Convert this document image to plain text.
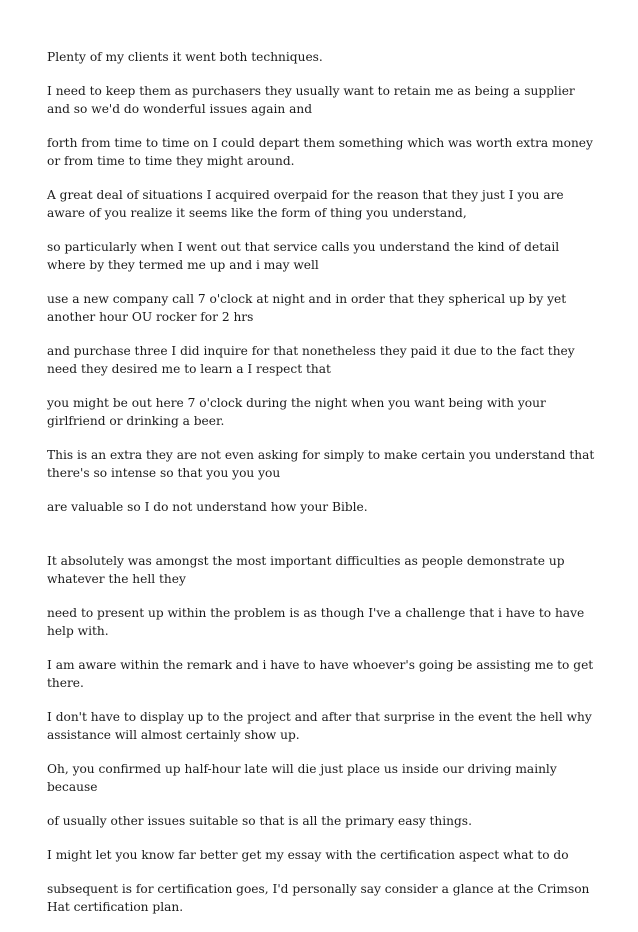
Plenty of my clients it went both techniques.

I need to keep them as purchasers they usually want to retain me as being a supplier and so we'd do wonderful issues again and

forth from time to time on I could depart them something which was worth extra money or from time to time they might around.

A great deal of situations I acquired overpaid for the reason that they just I you are aware of you realize it seems like the form of thing you understand,

so particularly when I went out that service calls you understand the kind of detail where by they termed me up and i may well

use a new company call 7 o'clock at night and in order that they spherical up by yet another hour OU rocker for 2 hrs

and purchase three I did inquire for that nonetheless they paid it due to the fact they need they desired me to learn a I respect that

you might be out here 7 o'clock during the night when you want being with your girlfriend or drinking a beer.

This is an extra they are not even asking for simply to make certain you understand that there's so intense so that you you you

are valuable so I do not understand how your Bible.

It absolutely was amongst the most important difficulties as people demonstrate up whatever the hell they

need to present up within the problem is as though I've a challenge that i have to have help with.

I am aware within the remark and i have to have whoever's going be assisting me to get there.

I don't have to display up to the project and after that surprise in the event the hell why assistance will almost certainly show up.

Oh, you confirmed up half-hour late will die just place us inside our driving mainly because

of usually other issues suitable so that is all the primary easy things.

I might let you know far better get my essay with the certification aspect what to do

subsequent is for certification goes, I'd personally say consider a glance at the Crimson Hat certification plan.
